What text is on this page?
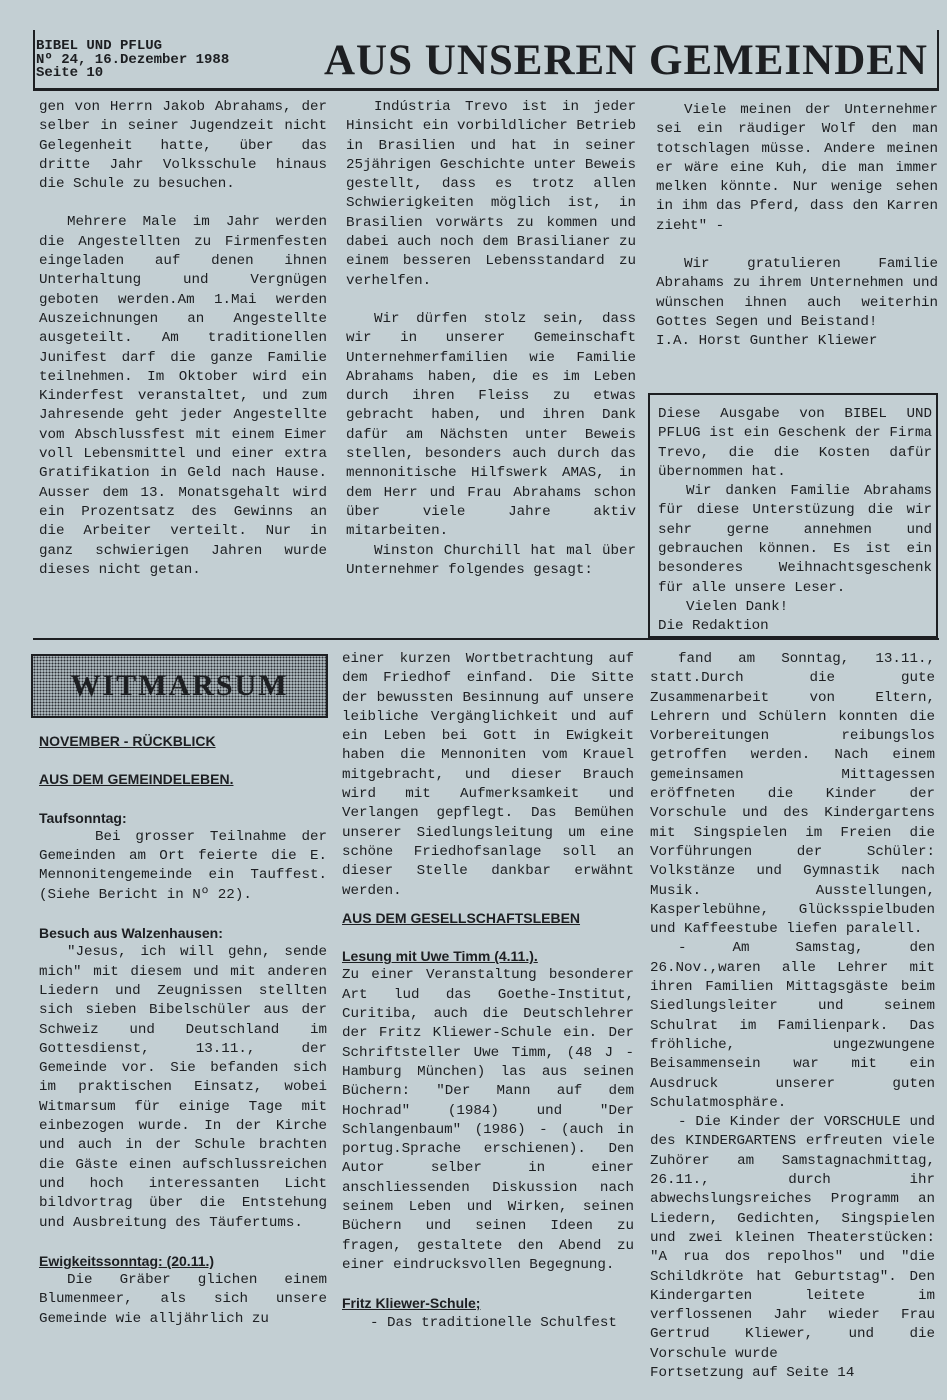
BIBEL UND PFLUG
Nº 24, 16.Dezember 1988
Seite 10	AUS UNSEREN GEMEINDEN

gen von Herrn Jakob Abrahams, der selber in seiner Jugendzeit nicht Gelegenheit hatte, über das dritte Jahr Volksschule hinaus die Schule zu besuchen.

Mehrere Male im Jahr werden die Angestellten zu Firmenfesten eingeladen auf denen ihnen Unterhaltung und Vergnügen geboten werden.Am 1.Mai werden Auszeichnungen an Angestellte ausgeteilt. Am traditionellen Junifest darf die ganze Familie teilnehmen. Im Oktober wird ein Kinderfest veranstaltet, und zum Jahresende geht jeder Angestellte vom Abschlussfest mit einem Eimer voll Lebensmittel und einer extra Gratifikation in Geld nach Hause. Ausser dem 13. Monatsgehalt wird ein Prozentsatz des Gewinns an die Arbeiter verteilt. Nur in ganz schwierigen Jahren wurde dieses nicht getan.

Indústria Trevo ist in jeder Hinsicht ein vorbildlicher Betrieb in Brasilien und hat in seiner 25jährigen Geschichte unter Beweis gestellt, dass es trotz allen Schwierigkeiten möglich ist, in Brasilien vorwärts zu kommen und dabei auch noch dem Brasilianer zu einem besseren Lebensstandard zu verhelfen.

Wir dürfen stolz sein, dass wir in unserer Gemeinschaft Unternehmerfamilien wie Familie Abrahams haben, die es im Leben durch ihren Fleiss zu etwas gebracht haben, und ihren Dank dafür am Nächsten unter Beweis stellen, besonders auch durch das mennonitische Hilfswerk AMAS, in dem Herr und Frau Abrahams schon über viele Jahre aktiv mitarbeiten.

Winston Churchill hat mal über Unternehmer folgendes gesagt:

Viele meinen der Unternehmer sei ein räudiger Wolf den man totschlagen müsse. Andere meinen er wäre eine Kuh, die man immer melken könnte. Nur wenige sehen in ihm das Pferd, dass den Karren zieht" -

Wir gratulieren Familie Abrahams zu ihrem Unternehmen und wünschen ihnen auch weiterhin Gottes Segen und Beistand!

I.A. Horst Gunther Kliewer

Diese Ausgabe von BIBEL UND PFLUG ist ein Geschenk der Firma Trevo, die die Kosten dafür übernommen hat.

Wir danken Familie Abrahams für diese Unterstüzung die wir sehr gerne annehmen und gebrauchen können. Es ist ein besonderes Weihnachtsgeschenk für alle unsere Leser.

Vielen Dank!

Die Redaktion

WITMARSUM

NOVEMBER - RÜCKBLICK

AUS DEM GEMEINDELEBEN.

Taufsonntag:

Bei grosser Teilnahme der Gemeinden am Ort feierte die E. Mennonitengemeinde ein Tauffest. (Siehe Bericht in Nº 22).

Besuch aus Walzenhausen:

"Jesus, ich will gehn, sende mich" mit diesem und mit anderen Liedern und Zeugnissen stellten sich sieben Bibelschüler aus der Schweiz und Deutschland im Gottesdienst, 13.11., der Gemeinde vor. Sie befanden sich im praktischen Einsatz, wobei Witmarsum für einige Tage mit einbezogen wurde. In der Kirche und auch in der Schule brachten die Gäste einen aufschlussreichen und hoch interessanten Licht bildvortrag über die Entstehung und Ausbreitung des Täufertums.

Ewigkeitssonntag: (20.11.)

Die Gräber glichen einem Blumenmeer, als sich unsere Gemeinde wie alljährlich zu

einer kurzen Wortbetrachtung auf dem Friedhof einfand. Die Sitte der bewussten Besinnung auf unsere leibliche Vergänglichkeit und auf ein Leben bei Gott in Ewigkeit haben die Mennoniten vom Krauel mitgebracht, und dieser Brauch wird mit Aufmerksamkeit und Verlangen gepflegt. Das Bemühen unserer Siedlungsleitung um eine schöne Friedhofsanlage soll an dieser Stelle dankbar erwähnt werden.

AUS DEM GESELLSCHAFTSLEBEN

Lesung mit Uwe Timm (4.11.).

Zu einer Veranstaltung besonderer Art lud das Goethe-Institut, Curitiba, auch die Deutschlehrer der Fritz Kliewer-Schule ein. Der Schriftsteller Uwe Timm, (48 J - Hamburg München) las aus seinen Büchern: "Der Mann auf dem Hochrad" (1984) und "Der Schlangenbaum" (1986) - (auch in portug.Sprache erschienen). Den Autor selber in einer anschliessenden Diskussion nach seinem Leben und Wirken, seinen Büchern und seinen Ideen zu fragen, gestaltete den Abend zu einer eindrucksvollen Begegnung.

Fritz Kliewer-Schule;

- Das traditionelle Schulfest

fand am Sonntag, 13.11., statt.Durch die gute Zusammenarbeit von Eltern, Lehrern und Schülern konnten die Vorbereitungen reibungslos getroffen werden. Nach einem gemeinsamen Mittagessen eröffneten die Kinder der Vorschule und des Kindergartens mit Singspielen im Freien die Vorführungen der Schüler: Volkstänze und Gymnastik nach Musik. Ausstellungen, Kasperlebühne, Glücksspielbuden und Kaffeestube liefen paralell.

- Am Samstag, den 26.Nov.,waren alle Lehrer mit ihren Familien Mittagsgäste beim Siedlungsleiter und seinem Schulrat im Familienpark. Das fröhliche, ungezwungene Beisammensein war mit ein Ausdruck unserer guten Schulatmosphäre.

- Die Kinder der VORSCHULE und des KINDERGARTENS erfreuten viele Zuhörer am Samstagnachmittag, 26.11., durch ihr abwechslungsreiches Programm an Liedern, Gedichten, Singspielen und zwei kleinen Theaterstücken: "A rua dos repolhos" und "die Schildkröte hat Geburtstag". Den Kindergarten leitete im verflossenen Jahr wieder Frau Gertrud Kliewer, und die Vorschule wurde

Fortsetzung auf Seite 14
